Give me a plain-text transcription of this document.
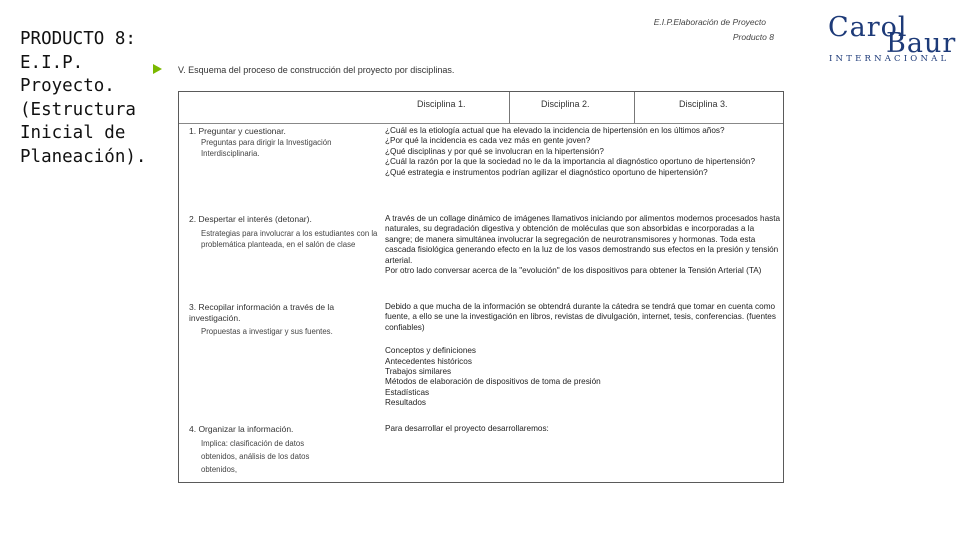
PRODUCTO 8:
E.I.P.
Proyecto.
(Estructura
Inicial de
Planeación).
E.I.P.Elaboración de Proyecto
Producto 8 Carol
Baur
INTERNACIONAL
V. Esquema del proceso de construcción del proyecto por disciplinas.
Disciplina 1.	Disciplina 2.	Disciplina 3.
1. Preguntar y cuestionar.
Preguntas para dirigir la Investigación Interdisciplinaria.
¿Cuál es la etiología actual que ha elevado la incidencia de hipertensión en los últimos años?
¿Por qué la incidencia es cada vez más en gente joven?
¿Qué disciplinas y por qué se involucran en la hipertensión?
¿Cuál la razón por la que la sociedad no le da la importancia al diagnóstico oportuno de hipertensión?
¿Qué estrategia e instrumentos podrían agilizar el diagnóstico oportuno de hipertensión?
2. Despertar el interés (detonar).
Estrategias para involucrar a los estudiantes con la problemática planteada, en el salón de clase
A través de un collage dinámico de imágenes llamativos iniciando por alimentos modernos procesados hasta naturales, su degradación digestiva y obtención de moléculas que son absorbidas e incorporadas a la sangre; de manera simultánea involucrar la segregación de neurotransmisores y hormonas. Toda esta cascada fisiológica generando efecto en la luz de los vasos demostrando sus efectos en la presión y tensión arterial.
Por otro lado conversar acerca de la "evolución" de los dispositivos para obtener la Tensión Arterial (TA)
3. Recopilar información a través de la investigación.
Propuestas a investigar y sus fuentes.
Debido a que mucha de la información se obtendrá durante la cátedra se tendrá que tomar en cuenta como fuente, a ello se une la investigación en libros, revistas de divulgación, internet, tesis, conferencias. (fuentes confiables)
Conceptos y definiciones
Antecedentes históricos
Trabajos similares
Métodos de elaboración de dispositivos de toma de presión
Estadísticas
Resultados
4. Organizar la información.
Implica: clasificación de datos obtenidos, análisis de los datos obtenidos,
Para desarrollar el proyecto desarrollaremos:
